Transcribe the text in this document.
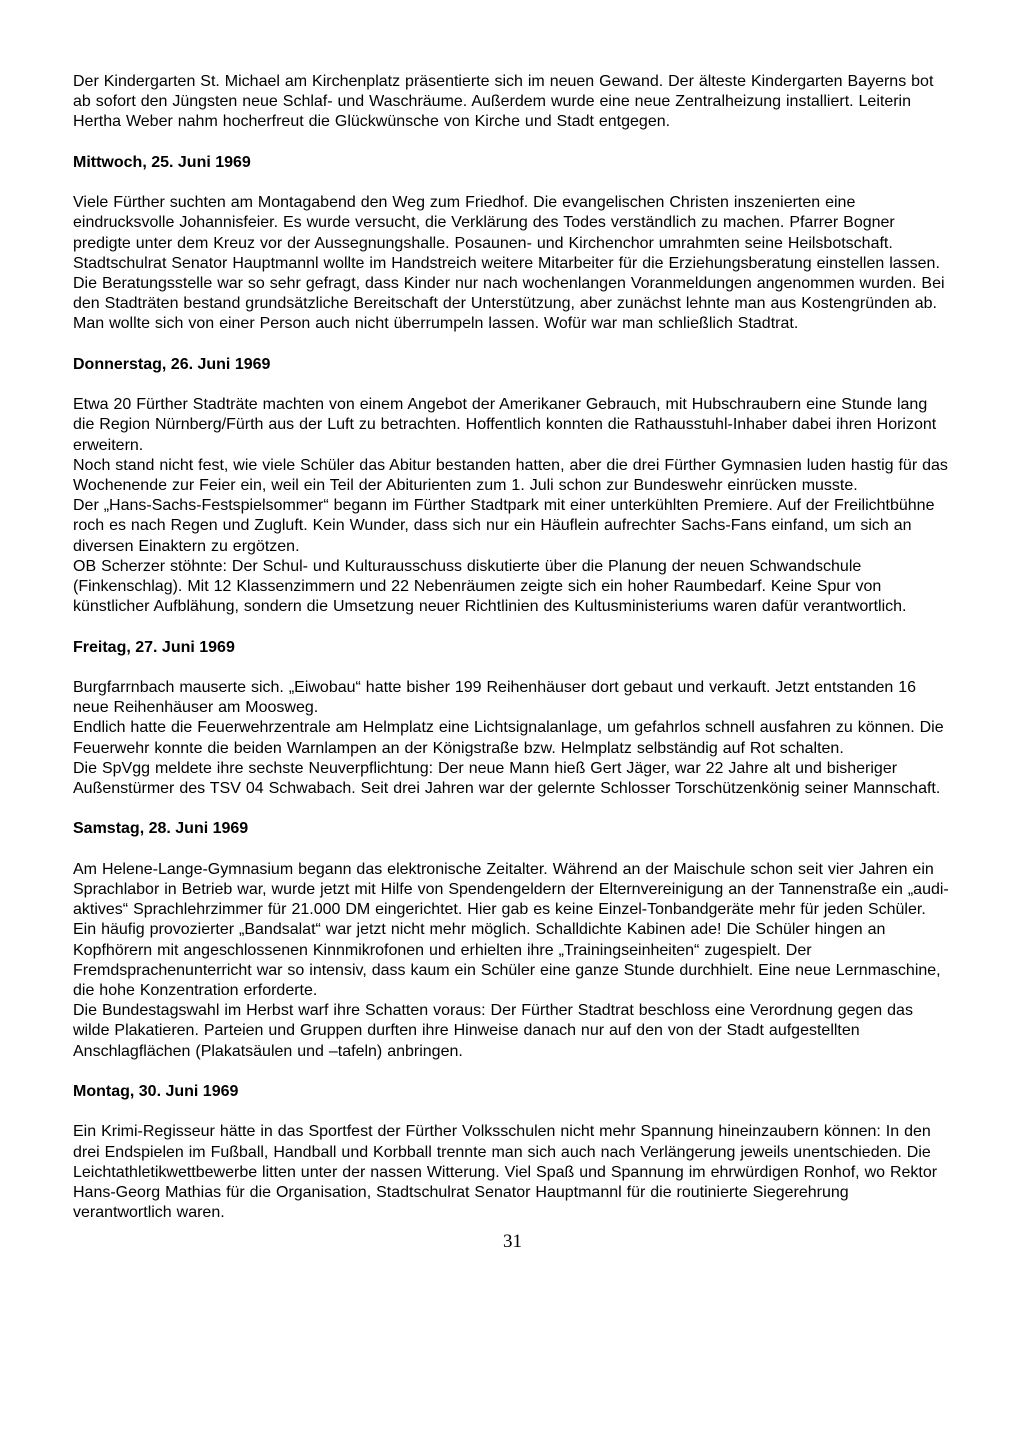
Der Kindergarten St. Michael am Kirchenplatz präsentierte sich im neuen Gewand. Der älteste Kindergarten Bayerns bot ab sofort den Jüngsten neue Schlaf- und Waschräume. Außerdem wurde eine neue Zentralheizung installiert. Leiterin Hertha Weber nahm hocherfreut die Glückwünsche von Kirche und Stadt entgegen.

Mittwoch, 25. Juni 1969

Viele Fürther suchten am Montagabend den Weg zum Friedhof. Die evangelischen Christen inszenierten eine eindrucksvolle Johannisfeier. Es wurde versucht, die Verklärung des Todes verständlich zu machen. Pfarrer Bogner predigte unter dem Kreuz vor der Aussegnungshalle. Posaunen- und Kirchenchor umrahmten seine Heilsbotschaft.

Stadtschulrat Senator Hauptmannl wollte im Handstreich weitere Mitarbeiter für die Erziehungsberatung einstellen lassen. Die Beratungsstelle war so sehr gefragt, dass Kinder nur nach wochenlangen Voranmeldungen angenommen wurden. Bei den Stadträten bestand grundsätzliche Bereitschaft der Unterstützung, aber zunächst lehnte man aus Kostengründen ab. Man wollte sich von einer Person auch nicht überrumpeln lassen. Wofür war man schließlich Stadtrat.

Donnerstag, 26. Juni 1969

Etwa 20 Fürther Stadträte machten von einem Angebot der Amerikaner Gebrauch, mit Hubschraubern eine Stunde lang die Region Nürnberg/Fürth aus der Luft zu betrachten. Hoffentlich konnten die Rathausstuhl-Inhaber dabei ihren Horizont erweitern.

Noch stand nicht fest, wie viele Schüler das Abitur bestanden hatten, aber die drei Fürther Gymnasien luden hastig für das Wochenende zur Feier ein, weil ein Teil der Abiturienten zum 1. Juli schon zur Bundeswehr einrücken musste.

Der „Hans-Sachs-Festspielsommer“ begann im Fürther Stadtpark mit einer unterkühlten Premiere. Auf der Freilichtbühne roch es nach Regen und Zugluft. Kein Wunder, dass sich nur ein Häuflein aufrechter Sachs-Fans einfand, um sich an diversen Einaktern zu ergötzen.

OB Scherzer stöhnte: Der Schul- und Kulturausschuss diskutierte über die Planung der neuen Schwandschule (Finkenschlag). Mit 12 Klassenzimmern und 22 Nebenräumen zeigte sich ein hoher Raumbedarf. Keine Spur von künstlicher Aufblähung, sondern die Umsetzung neuer Richtlinien des Kultusministeriums waren dafür verantwortlich.

Freitag, 27. Juni 1969

Burgfarrnbach mauserte sich. „Eiwobau“ hatte bisher 199 Reihenhäuser dort gebaut und verkauft. Jetzt entstanden 16 neue Reihenhäuser am Moosweg.

Endlich hatte die Feuerwehrzentrale am Helmplatz eine Lichtsignalanlage, um gefahrlos schnell ausfahren zu können. Die Feuerwehr konnte die beiden Warnlampen an der Königstraße bzw. Helmplatz selbständig auf Rot schalten.

Die SpVgg meldete ihre sechste Neuverpflichtung: Der neue Mann hieß Gert Jäger, war 22 Jahre alt und bisheriger Außenstürmer des TSV 04 Schwabach. Seit drei Jahren war der gelernte Schlosser Torschützenkönig seiner Mannschaft.

Samstag, 28. Juni 1969

Am Helene-Lange-Gymnasium begann das elektronische Zeitalter. Während an der Maischule schon seit vier Jahren ein Sprachlabor in Betrieb war, wurde jetzt mit Hilfe von Spendengeldern der Elternvereinigung an der Tannenstraße ein „audi-aktives“ Sprachlehrzimmer für 21.000 DM eingerichtet. Hier gab es keine Einzel-Tonbandgeräte mehr für jeden Schüler. Ein häufig provozierter „Bandsalat“ war jetzt nicht mehr möglich. Schalldichte Kabinen ade! Die Schüler hingen an Kopfhörern mit angeschlossenen Kinnmikrofonen und erhielten ihre „Trainingseinheiten“ zugespielt. Der Fremdsprachenunterricht war so intensiv, dass kaum ein Schüler eine ganze Stunde durchhielt. Eine neue Lernmaschine, die hohe Konzentration erforderte.

Die Bundestagswahl im Herbst warf ihre Schatten voraus: Der Fürther Stadtrat beschloss eine Verordnung gegen das wilde Plakatieren. Parteien und Gruppen durften ihre Hinweise danach nur auf den von der Stadt aufgestellten Anschlagflächen (Plakatsäulen und –tafeln) anbringen.

Montag, 30. Juni 1969

Ein Krimi-Regisseur hätte in das Sportfest der Fürther Volksschulen nicht mehr Spannung hineinzaubern können: In den drei Endspielen im Fußball, Handball und Korbball trennte man sich auch nach Verlängerung jeweils unentschieden. Die Leichtathletikwettbewerbe litten unter der nassen Witterung. Viel Spaß und Spannung im ehrwürdigen Ronhof, wo Rektor Hans-Georg Mathias für die Organisation, Stadtschulrat Senator Hauptmannl für die routinierte Siegerehrung verantwortlich waren.

31
